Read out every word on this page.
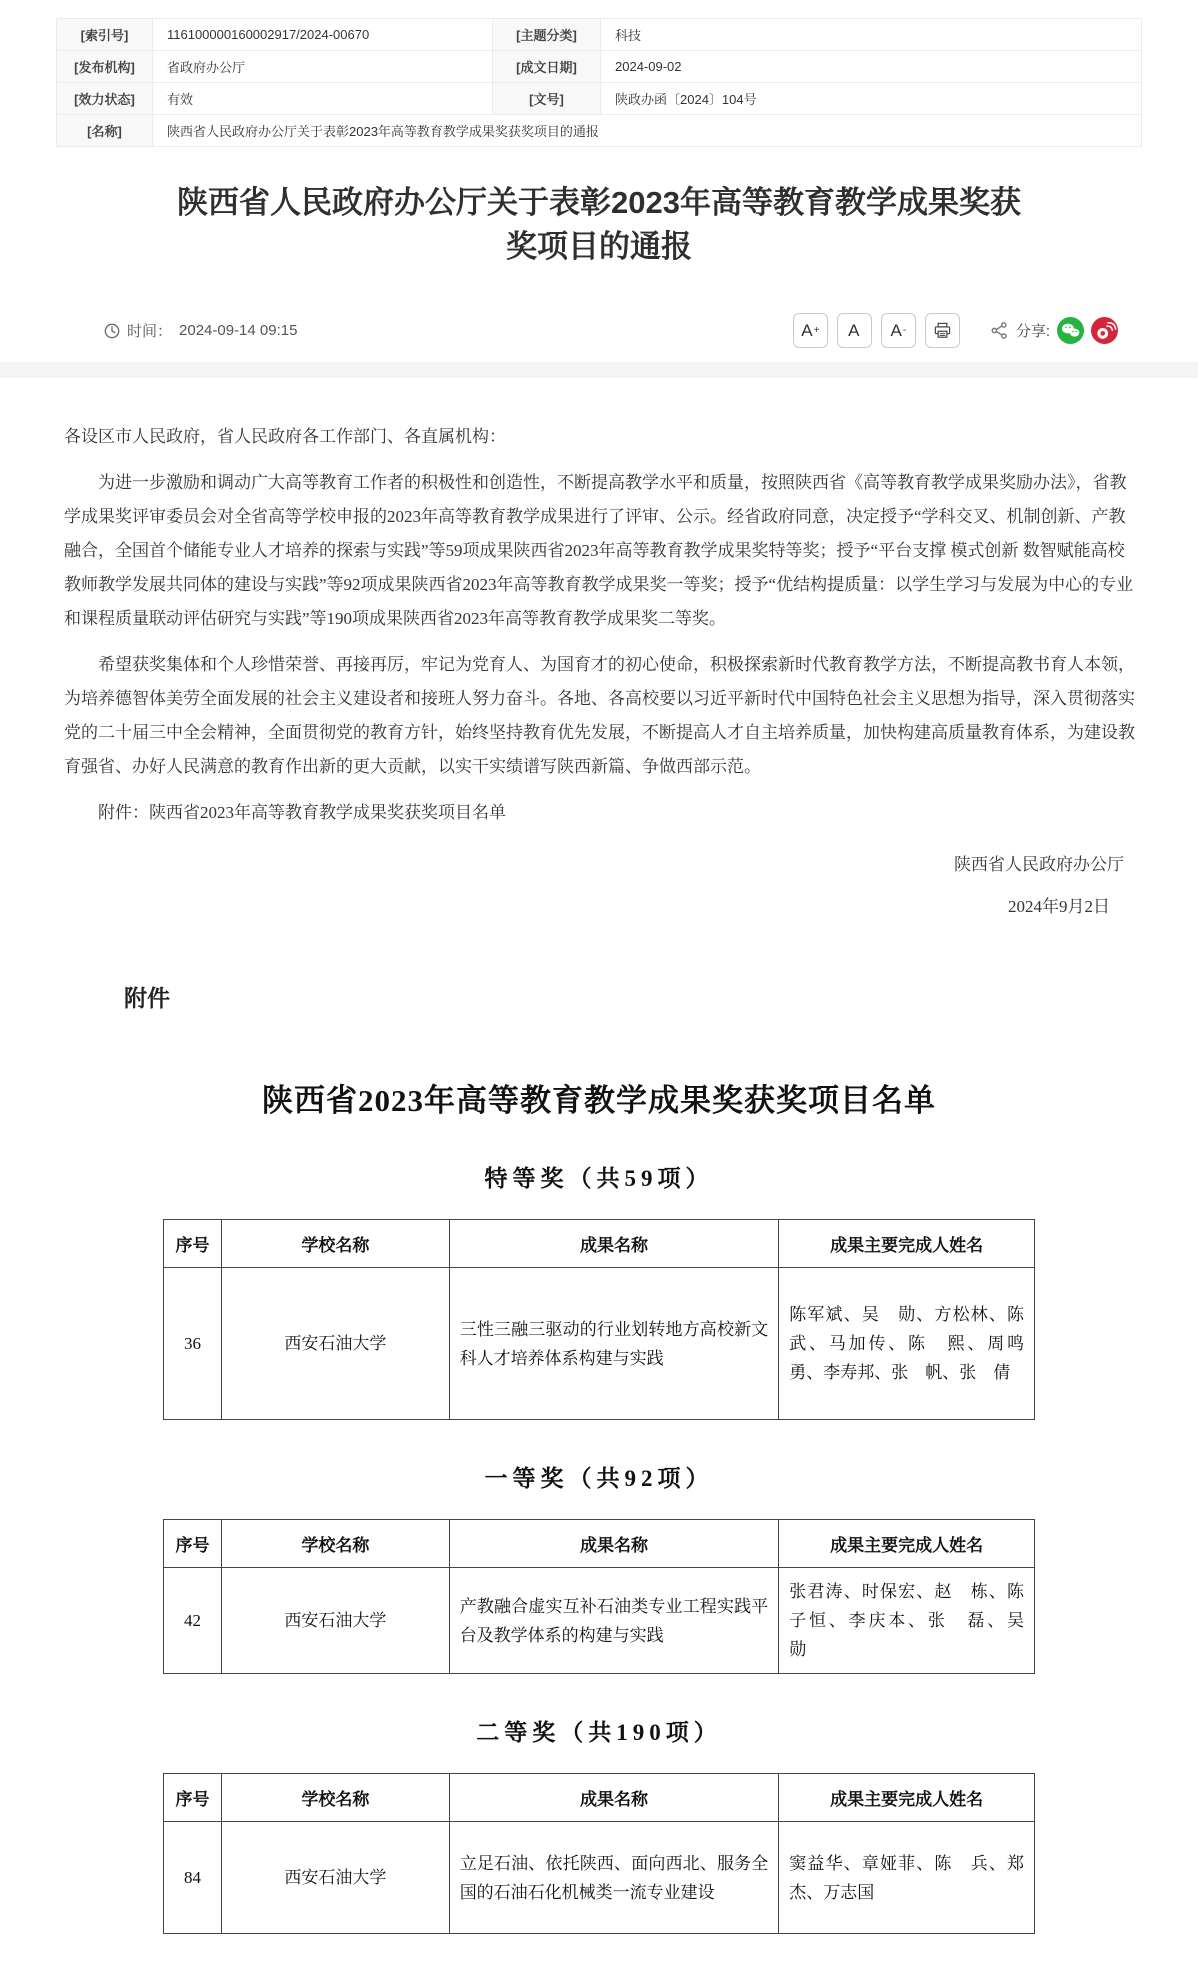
[索引号]	116100000160002917/2024-00670	[主题分类]	科技
[发布机构]	省政府办公厅	[成文日期]	2024-09-02
[效力状态]	有效	[文号]	陕政办函〔2024〕104号
[名称]	陕西省人民政府办公厅关于表彰2023年高等教育教学成果奖获奖项目的通报		
陕西省人民政府办公厅关于表彰2023年高等教育教学成果奖获奖项目的通报
时间： 2024-09-14 09:15	A + A A -	分享:

各设区市人民政府，省人民政府各工作部门、各直属机构：

为进一步激励和调动广大高等教育工作者的积极性和创造性，不断提高教学水平和质量，按照陕西省《高等教育教学成果奖励办法》，省教学成果奖评审委员会对全省高等学校申报的2023年高等教育教学成果进行了评审、公示。经省政府同意，决定授予“学科交叉、机制创新、产教融合，全国首个储能专业人才培养的探索与实践”等59项成果陕西省2023年高等教育教学成果奖特等奖；授予“平台支撑 模式创新 数智赋能高校教师教学发展共同体的建设与实践”等92项成果陕西省2023年高等教育教学成果奖一等奖；授予“优结构提质量：以学生学习与发展为中心的专业和课程质量联动评估研究与实践”等190项成果陕西省2023年高等教育教学成果奖二等奖。

希望获奖集体和个人珍惜荣誉、再接再厉，牢记为党育人、为国育才的初心使命，积极探索新时代教育教学方法，不断提高教书育人本领，为培养德智体美劳全面发展的社会主义建设者和接班人努力奋斗。各地、各高校要以习近平新时代中国特色社会主义思想为指导，深入贯彻落实党的二十届三中全会精神，全面贯彻党的教育方针，始终坚持教育优先发展，不断提高人才自主培养质量，加快构建高质量教育体系，为建设教育强省、办好人民满意的教育作出新的更大贡献，以实干实绩谱写陕西新篇、争做西部示范。

附件：陕西省2023年高等教育教学成果奖获奖项目名单

陕西省人民政府办公厅

2024年9月2日

附件
陕西省2023年高等教育教学成果奖获奖项目名单
特等奖（共59项）
序号	学校名称	成果名称	成果主要完成人姓名
36	西安石油大学	三性三融三驱动的行业划转地方高校新文科人才培养体系构建与实践	陈军斌、吴　勋、方松林、陈　武、马加传、陈　熙、周鸣勇、李寿邦、张　帆、张　倩
一等奖（共92项）
序号	学校名称	成果名称	成果主要完成人姓名
42	西安石油大学	产教融合虚实互补石油类专业工程实践平台及教学体系的构建与实践	张君涛、时保宏、赵　栋、陈子恒、李庆本、张　磊、吴　勋
二等奖（共190项）
序号	学校名称	成果名称	成果主要完成人姓名
84	西安石油大学	立足石油、依托陕西、面向西北、服务全国的石油石化机械类一流专业建设	窦益华、章娅菲、陈　兵、郑　杰、万志国
